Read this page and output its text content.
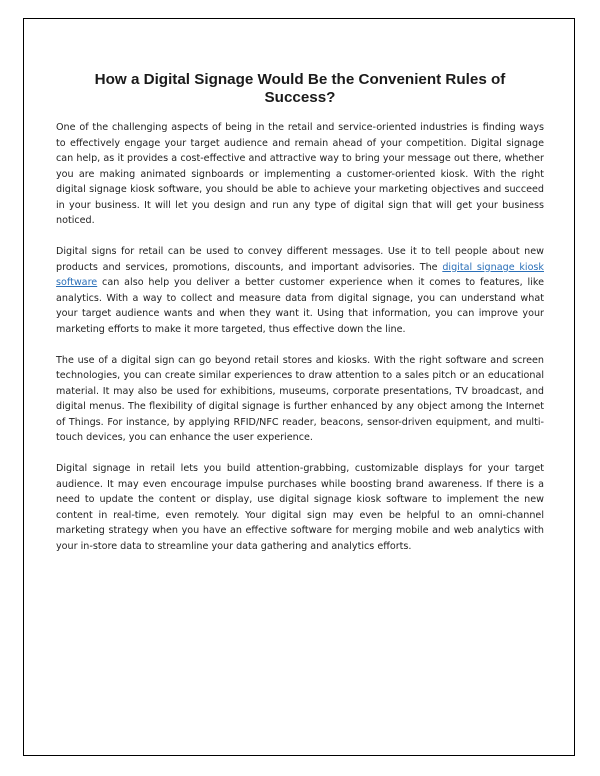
How a Digital Signage Would Be the Convenient Rules of Success?

One of the challenging aspects of being in the retail and service-oriented industries is finding ways to effectively engage your target audience and remain ahead of your competition. Digital signage can help, as it provides a cost-effective and attractive way to bring your message out there, whether you are making animated signboards or implementing a customer-oriented kiosk. With the right digital signage kiosk software, you should be able to achieve your marketing objectives and succeed in your business. It will let you design and run any type of digital sign that will get your business noticed.

Digital signs for retail can be used to convey different messages. Use it to tell people about new products and services, promotions, discounts, and important advisories. The digital signage kiosk software can also help you deliver a better customer experience when it comes to features, like analytics. With a way to collect and measure data from digital signage, you can understand what your target audience wants and when they want it. Using that information, you can improve your marketing efforts to make it more targeted, thus effective down the line.

The use of a digital sign can go beyond retail stores and kiosks. With the right software and screen technologies, you can create similar experiences to draw attention to a sales pitch or an educational material. It may also be used for exhibitions, museums, corporate presentations, TV broadcast, and digital menus. The flexibility of digital signage is further enhanced by any object among the Internet of Things. For instance, by applying RFID/NFC reader, beacons, sensor-driven equipment, and multi-touch devices, you can enhance the user experience.

Digital signage in retail lets you build attention-grabbing, customizable displays for your target audience. It may even encourage impulse purchases while boosting brand awareness. If there is a need to update the content or display, use digital signage kiosk software to implement the new content in real-time, even remotely. Your digital sign may even be helpful to an omni-channel marketing strategy when you have an effective software for merging mobile and web analytics with your in-store data to streamline your data gathering and analytics efforts.
